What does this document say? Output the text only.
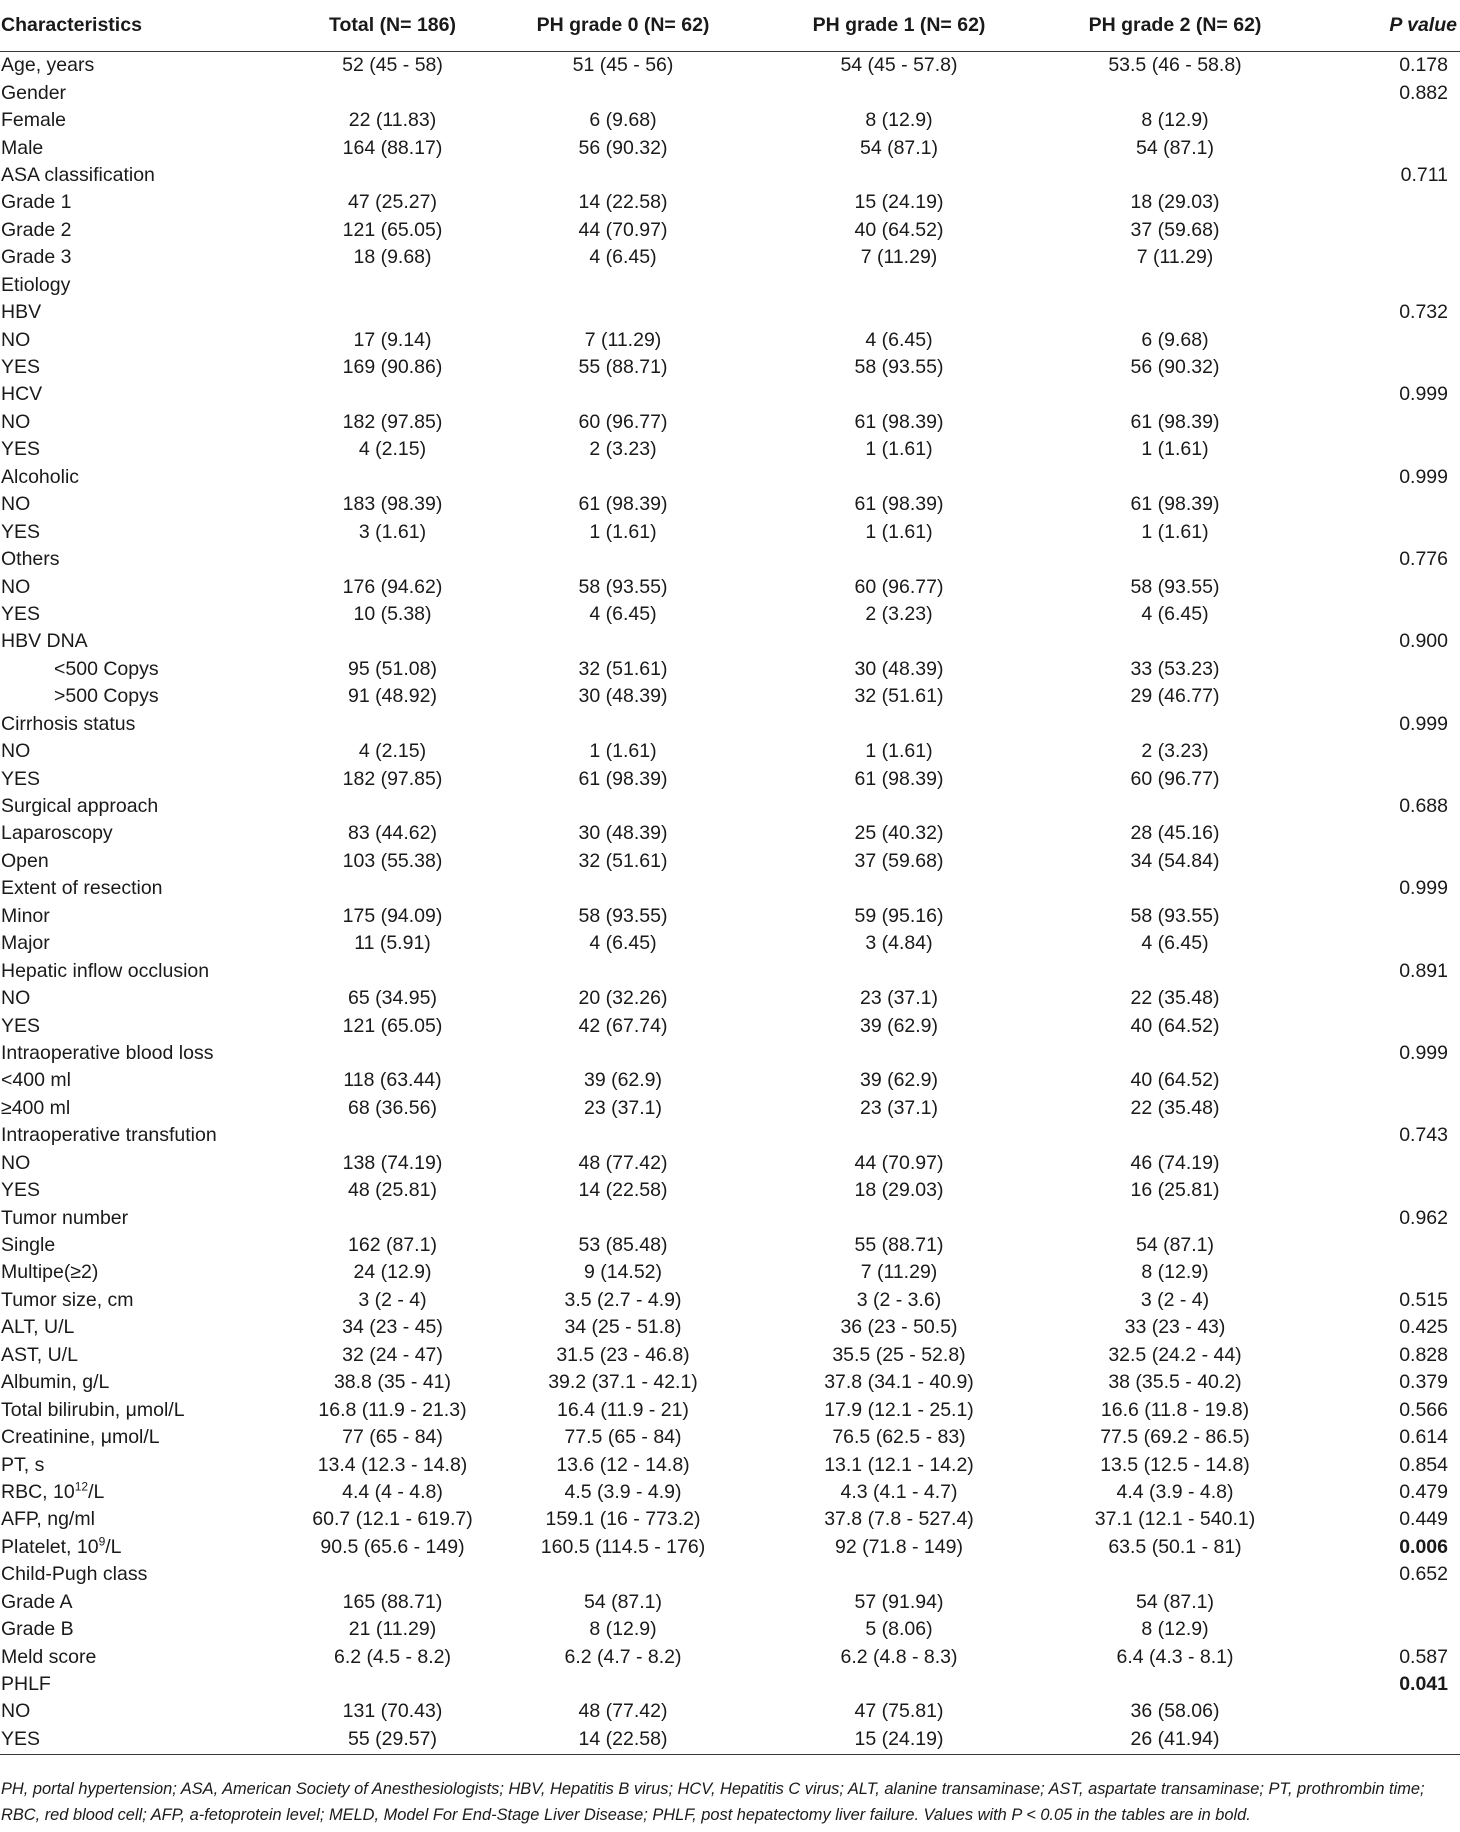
Characteristics	Total (N= 186)	PH grade 0 (N= 62)	PH grade 1 (N= 62)	PH grade 2 (N= 62)	P value
Age, years	52 (45 - 58)	51 (45 - 56)	54 (45 - 57.8)	53.5 (46 - 58.8)	0.178
Gender					0.882
Female	22 (11.83)	6 (9.68)	8 (12.9)	8 (12.9)	
Male	164 (88.17)	56 (90.32)	54 (87.1)	54 (87.1)	
ASA classification					0.711
Grade 1	47 (25.27)	14 (22.58)	15 (24.19)	18 (29.03)	
Grade 2	121 (65.05)	44 (70.97)	40 (64.52)	37 (59.68)	
Grade 3	18 (9.68)	4 (6.45)	7 (11.29)	7 (11.29)	
Etiology					
HBV					0.732
NO	17 (9.14)	7 (11.29)	4 (6.45)	6 (9.68)	
YES	169 (90.86)	55 (88.71)	58 (93.55)	56 (90.32)	
HCV					0.999
NO	182 (97.85)	60 (96.77)	61 (98.39)	61 (98.39)	
YES	4 (2.15)	2 (3.23)	1 (1.61)	1 (1.61)	
Alcoholic					0.999
NO	183 (98.39)	61 (98.39)	61 (98.39)	61 (98.39)	
YES	3 (1.61)	1 (1.61)	1 (1.61)	1 (1.61)	
Others					0.776
NO	176 (94.62)	58 (93.55)	60 (96.77)	58 (93.55)	
YES	10 (5.38)	4 (6.45)	2 (3.23)	4 (6.45)	
HBV DNA					0.900
<500 Copys	95 (51.08)	32 (51.61)	30 (48.39)	33 (53.23)	
>500 Copys	91 (48.92)	30 (48.39)	32 (51.61)	29 (46.77)	
Cirrhosis status					0.999
NO	4 (2.15)	1 (1.61)	1 (1.61)	2 (3.23)	
YES	182 (97.85)	61 (98.39)	61 (98.39)	60 (96.77)	
Surgical approach					0.688
Laparoscopy	83 (44.62)	30 (48.39)	25 (40.32)	28 (45.16)	
Open	103 (55.38)	32 (51.61)	37 (59.68)	34 (54.84)	
Extent of resection					0.999
Minor	175 (94.09)	58 (93.55)	59 (95.16)	58 (93.55)	
Major	11 (5.91)	4 (6.45)	3 (4.84)	4 (6.45)	
Hepatic inflow occlusion					0.891
NO	65 (34.95)	20 (32.26)	23 (37.1)	22 (35.48)	
YES	121 (65.05)	42 (67.74)	39 (62.9)	40 (64.52)	
Intraoperative blood loss					0.999
<400 ml	118 (63.44)	39 (62.9)	39 (62.9)	40 (64.52)	
≥400 ml	68 (36.56)	23 (37.1)	23 (37.1)	22 (35.48)	
Intraoperative transfution					0.743
NO	138 (74.19)	48 (77.42)	44 (70.97)	46 (74.19)	
YES	48 (25.81)	14 (22.58)	18 (29.03)	16 (25.81)	
Tumor number					0.962
Single	162 (87.1)	53 (85.48)	55 (88.71)	54 (87.1)	
Multipe(≥2)	24 (12.9)	9 (14.52)	7 (11.29)	8 (12.9)	
Tumor size, cm	3 (2 - 4)	3.5 (2.7 - 4.9)	3 (2 - 3.6)	3 (2 - 4)	0.515
ALT, U/L	34 (23 - 45)	34 (25 - 51.8)	36 (23 - 50.5)	33 (23 - 43)	0.425
AST, U/L	32 (24 - 47)	31.5 (23 - 46.8)	35.5 (25 - 52.8)	32.5 (24.2 - 44)	0.828
Albumin, g/L	38.8 (35 - 41)	39.2 (37.1 - 42.1)	37.8 (34.1 - 40.9)	38 (35.5 - 40.2)	0.379
Total bilirubin, μmol/L	16.8 (11.9 - 21.3)	16.4 (11.9 - 21)	17.9 (12.1 - 25.1)	16.6 (11.8 - 19.8)	0.566
Creatinine, μmol/L	77 (65 - 84)	77.5 (65 - 84)	76.5 (62.5 - 83)	77.5 (69.2 - 86.5)	0.614
PT, s	13.4 (12.3 - 14.8)	13.6 (12 - 14.8)	13.1 (12.1 - 14.2)	13.5 (12.5 - 14.8)	0.854
RBC, $10^{12}/L$	4.4 (4 - 4.8)	4.5 (3.9 - 4.9)	4.3 (4.1 - 4.7)	4.4 (3.9 - 4.8)	0.479
AFP, ng/ml	60.7 (12.1 - 619.7)	159.1 (16 - 773.2)	37.8 (7.8 - 527.4)	37.1 (12.1 - 540.1)	0.449
Platelet, $10^9/L$	90.5 (65.6 - 149)	160.5 (114.5 - 176)	92 (71.8 - 149)	63.5 (50.1 - 81)	0.006
Child-Pugh class					0.652
Grade A	165 (88.71)	54 (87.1)	57 (91.94)	54 (87.1)	
Grade B	21 (11.29)	8 (12.9)	5 (8.06)	8 (12.9)	
Meld score	6.2 (4.5 - 8.2)	6.2 (4.7 - 8.2)	6.2 (4.8 - 8.3)	6.4 (4.3 - 8.1)	0.587
PHLF					0.041
NO	131 (70.43)	48 (77.42)	47 (75.81)	36 (58.06)	
YES	55 (29.57)	14 (22.58)	15 (24.19)	26 (41.94)	
PH, portal hypertension; ASA, American Society of Anesthesiologists; HBV, Hepatitis B virus; HCV, Hepatitis C virus; ALT, alanine transaminase; AST, aspartate transaminase; PT, prothrombin time; RBC, red blood cell; AFP, a-fetoprotein level; MELD, Model For End-Stage Liver Disease; PHLF, post hepatectomy liver failure. Values with P < 0.05 in the tables are in bold.
